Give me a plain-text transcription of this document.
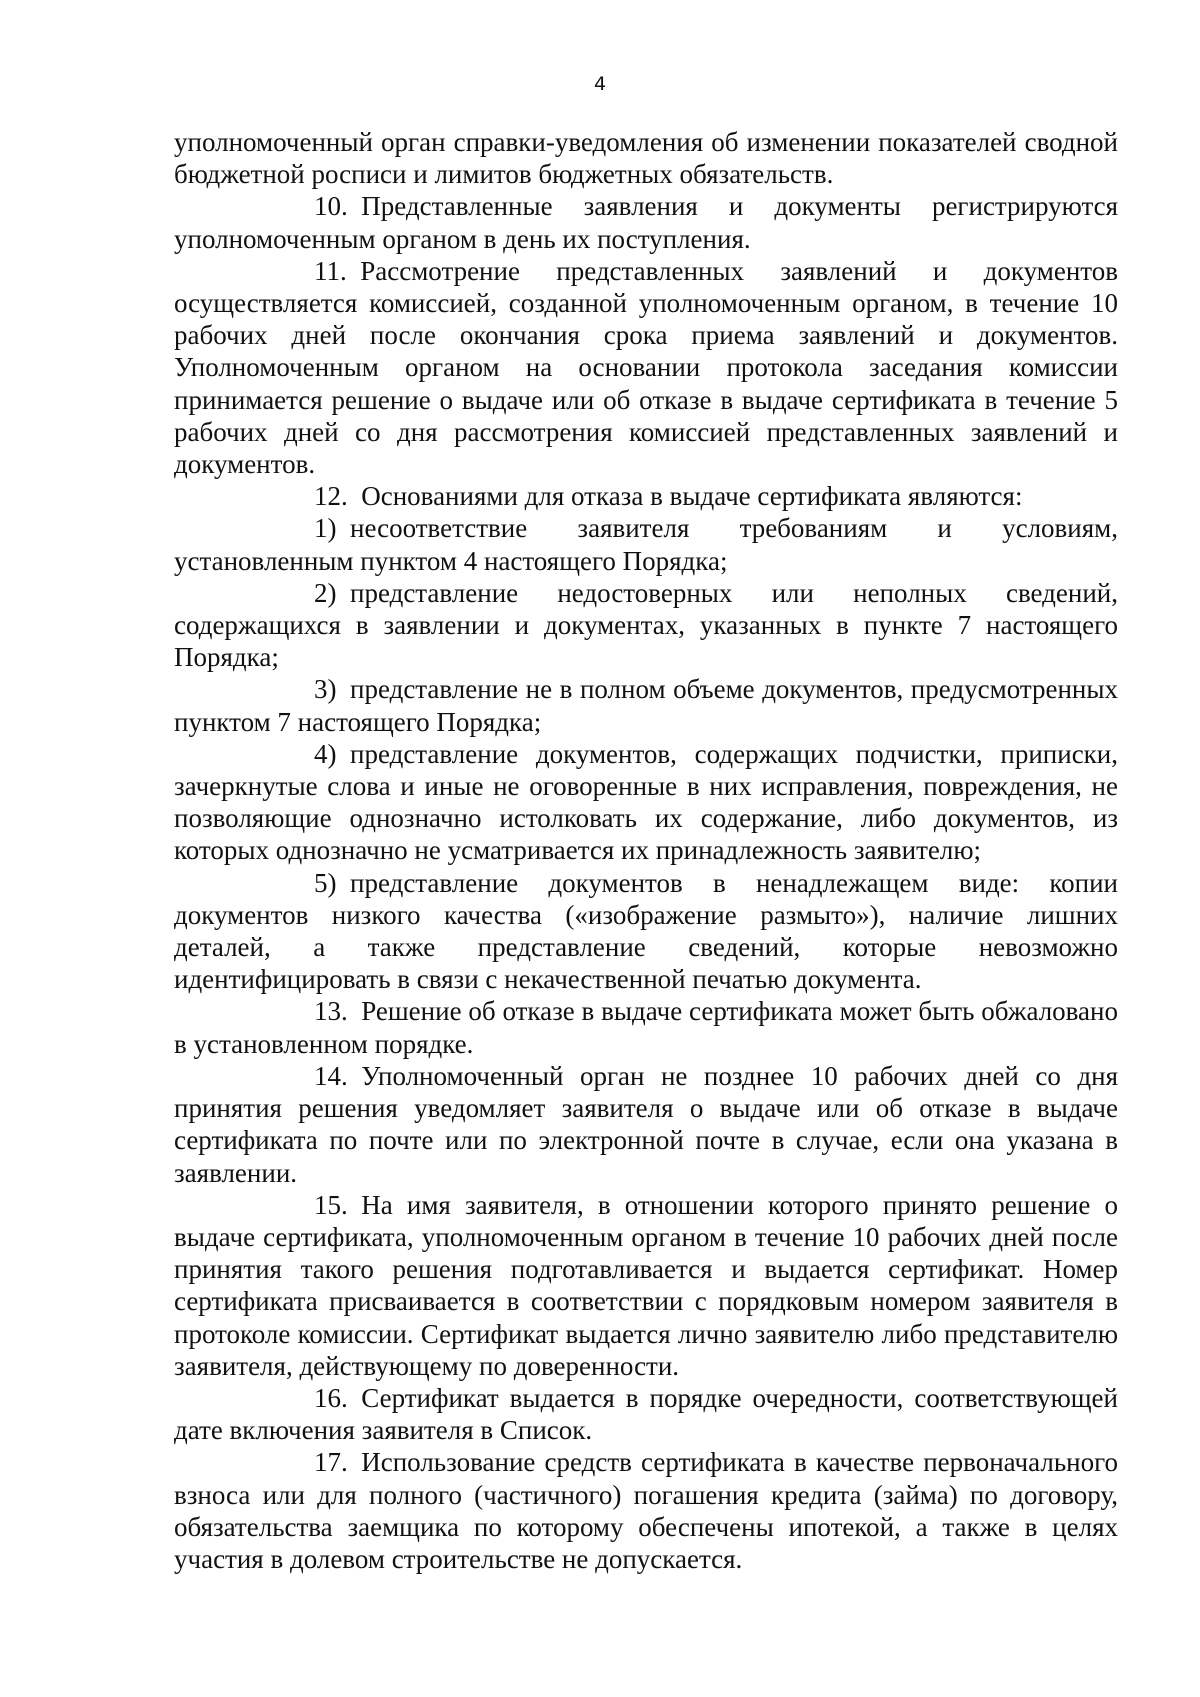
4

уполномоченный орган справки-уведомления об изменении показателей сводной бюджетной росписи и лимитов бюджетных обязательств.

10.  Представленные заявления и документы регистрируются уполномоченным органом в день их поступления.

11.  Рассмотрение представленных заявлений и документов осуществляется комиссией, созданной уполномоченным органом, в течение 10 рабочих дней после окончания срока приема заявлений и документов. Уполномоченным органом на основании протокола заседания комиссии принимается решение о выдаче или об отказе в выдаче сертификата в течение 5 рабочих дней со дня рассмотрения комиссией представленных заявлений и документов.

12.  Основаниями для отказа в выдаче сертификата являются:

1)  несоответствие заявителя требованиям и условиям, установленным пунктом 4 настоящего Порядка;

2)  представление недостоверных или неполных сведений, содержащихся в заявлении и документах, указанных в пункте 7 настоящего Порядка;

3)  представление не в полном объеме документов, предусмотренных пунктом 7 настоящего Порядка;

4)  представление документов, содержащих подчистки, приписки, зачеркнутые слова и иные не оговоренные в них исправления, повреждения, не позволяющие однозначно истолковать их содержание, либо документов, из которых однозначно не усматривается их принадлежность заявителю;

5)  представление документов в ненадлежащем виде: копии документов низкого качества («изображение размыто»), наличие лишних деталей, а также представление сведений, которые невозможно идентифицировать в связи с некачественной печатью документа.

13.  Решение об отказе в выдаче сертификата может быть обжаловано в установленном порядке.

14.  Уполномоченный орган не позднее 10 рабочих дней со дня принятия решения уведомляет заявителя о выдаче или об отказе в выдаче сертификата по почте или по электронной почте в случае, если она указана в заявлении.

15.  На имя заявителя, в отношении которого принято решение о выдаче сертификата, уполномоченным органом в течение 10 рабочих дней после принятия такого решения подготавливается и выдается сертификат. Номер сертификата присваивается в соответствии с порядковым номером заявителя в протоколе комиссии. Сертификат выдается лично заявителю либо представителю заявителя, действующему по доверенности.

16.  Сертификат выдается в порядке очередности, соответствующей дате включения заявителя в Список.

17.  Использование средств сертификата в качестве первоначального взноса или для полного (частичного) погашения кредита (займа) по договору, обязательства заемщика по которому обеспечены ипотекой, а также в целях участия в долевом строительстве не допускается.
